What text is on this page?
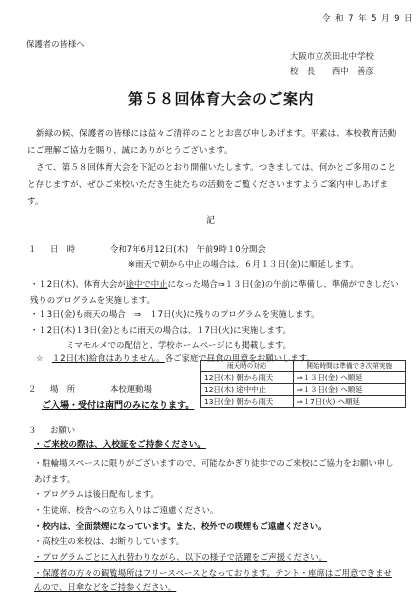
令 和 7 年 5 月 9 日
保護者の皆様へ
大阪市立茨田北中学校
校　長　　西中　善彦
第５８回体育大会のご案内
新緑の候、保護者の皆様には益々ご清祥のこととお喜び申しあげます。平素は、本校教育活動にご理解ご協力を賜り、誠にありがとうございます。
さて、第５８回体育大会を下記のとおり開催いたします。つきましては、何かとご多用のことと存じますが、ぜひご来校いただき生徒たちの活動をご覧くださいますようご案内申しあげます。
記
１ 日　時	令和7年6月12日(木)　午前9時１0分開会
※雨天で朝から中止の場合は、６月１３日(金)に順延します。
・１2日(木)、体育大会が途中で中止になった場合⇒１３日(金)の午前に準備し、準備ができしだい残りのプログラムを実施します。
・１3日(金)も雨天の場合　⇒　１7日(火)に残りのプログラムを実施します。
・１2日(木)１3日(金)ともに雨天の場合は、１7日(火)に実施します。
ミマモルメでの配信と、学校ホームページにも掲載します。
☆　 １2日(木)給食はありません。各ご家庭で昼食の用意をお願いします。
雨天時の対応	開始時間は準備でき次第実施
12日(木) 朝から雨天	⇒１３日(金) へ順延
12日(木) 途中中止	⇒１３日(金) へ順延
13日(金) 朝から雨天	⇒１7日(火) へ順延
２ 場　所	本校運動場
ご入場・受付は南門のみになります。
３ お願い
・ご来校の際は、入校証をご持参ください。
・駐輪場スペースに限りがございますので、可能なかぎり徒歩でのご来校にご協力をお願い申しあげます。
・プログラムは後日配布します。
・生徒席、校舎への立ち入りはご遠慮ください。
・校内は、全面禁煙になっています。また、校外での喫煙もご遠慮ください。
・高校生の来校は、お断りしています。
・プログラムごとに入れ替わりながら、以下の様子で活躍をご声援ください。
・保護者の方々の観覧場所はフリースペースとなっております。テント・座席はご用意できませんので、日傘などをご持参ください。
